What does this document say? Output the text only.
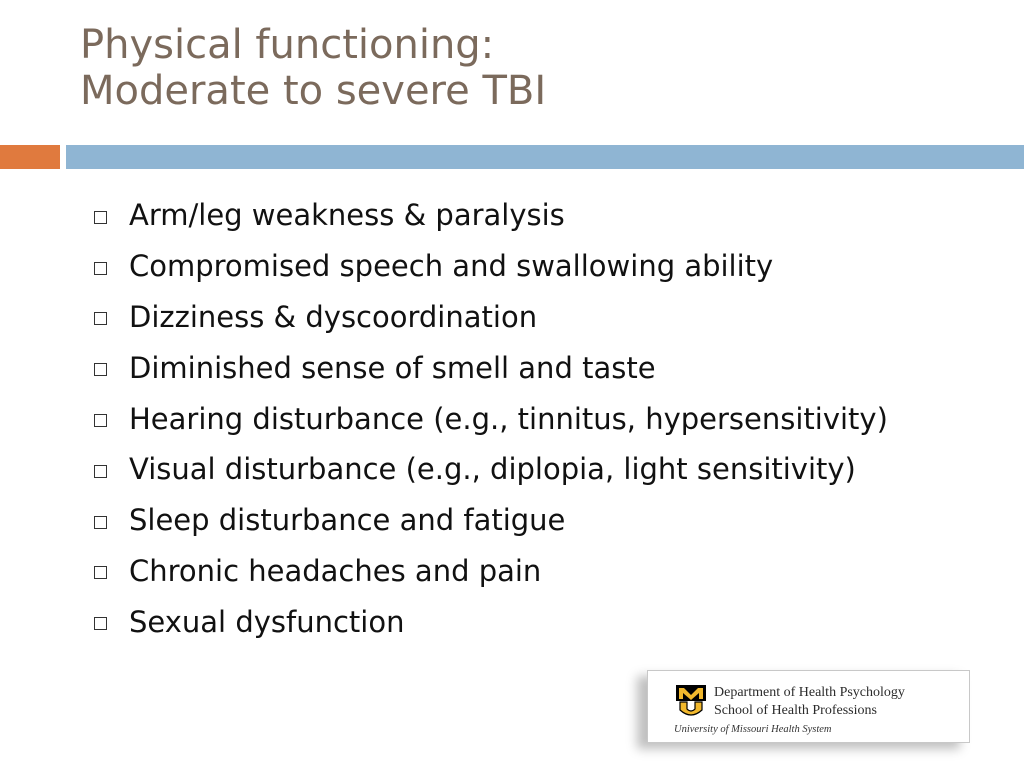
Physical functioning:
Moderate to severe TBI
Arm/leg weakness & paralysis
Compromised speech and swallowing ability
Dizziness & dyscoordination
Diminished sense of smell and taste
Hearing disturbance (e.g., tinnitus, hypersensitivity)
Visual disturbance (e.g., diplopia, light sensitivity)
Sleep disturbance and fatigue
Chronic headaches and pain
Sexual dysfunction
Department of Health Psychology
School of Health Professions
University of Missouri Health System
